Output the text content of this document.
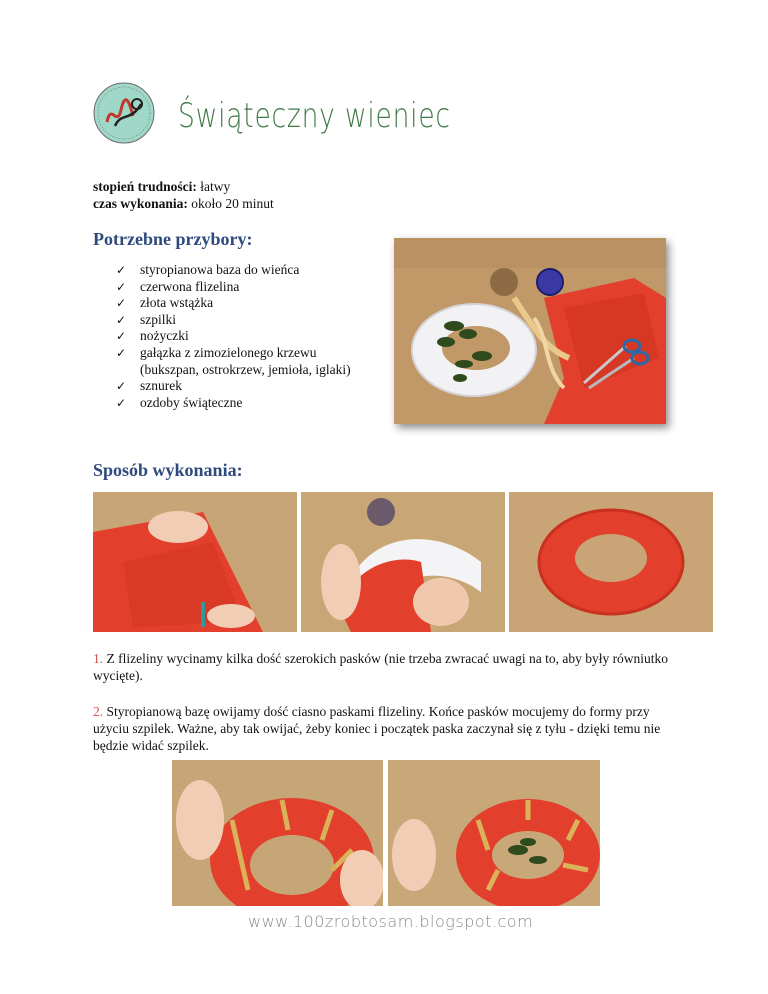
Świąteczny wieniec
stopień trudności: łatwy
czas wykonania: około 20 minut
Potrzebne przybory:
✓ styropianowa baza do wieńca
✓ czerwona flizelina
✓ złota wstążka
✓ szpilki
✓ nożyczki
✓ gałązka z zimozielonego krzewu (bukszpan, ostrokrzew, jemioła, iglaki)
✓ sznurek
✓ ozdoby świąteczne
Sposób wykonania:
1. Z flizeliny wycinamy kilka dość szerokich pasków (nie trzeba zwracać uwagi na to, aby były równiutko wycięte).
2. Styropianową bazę owijamy dość ciasno paskami flizeliny. Końce pasków mocujemy do formy przy użyciu szpilek. Ważne, aby tak owijać, żeby koniec i początek paska zaczynał się z tyłu - dzięki temu nie będzie widać szpilek.
www.100zrobtosam.blogspot.com
